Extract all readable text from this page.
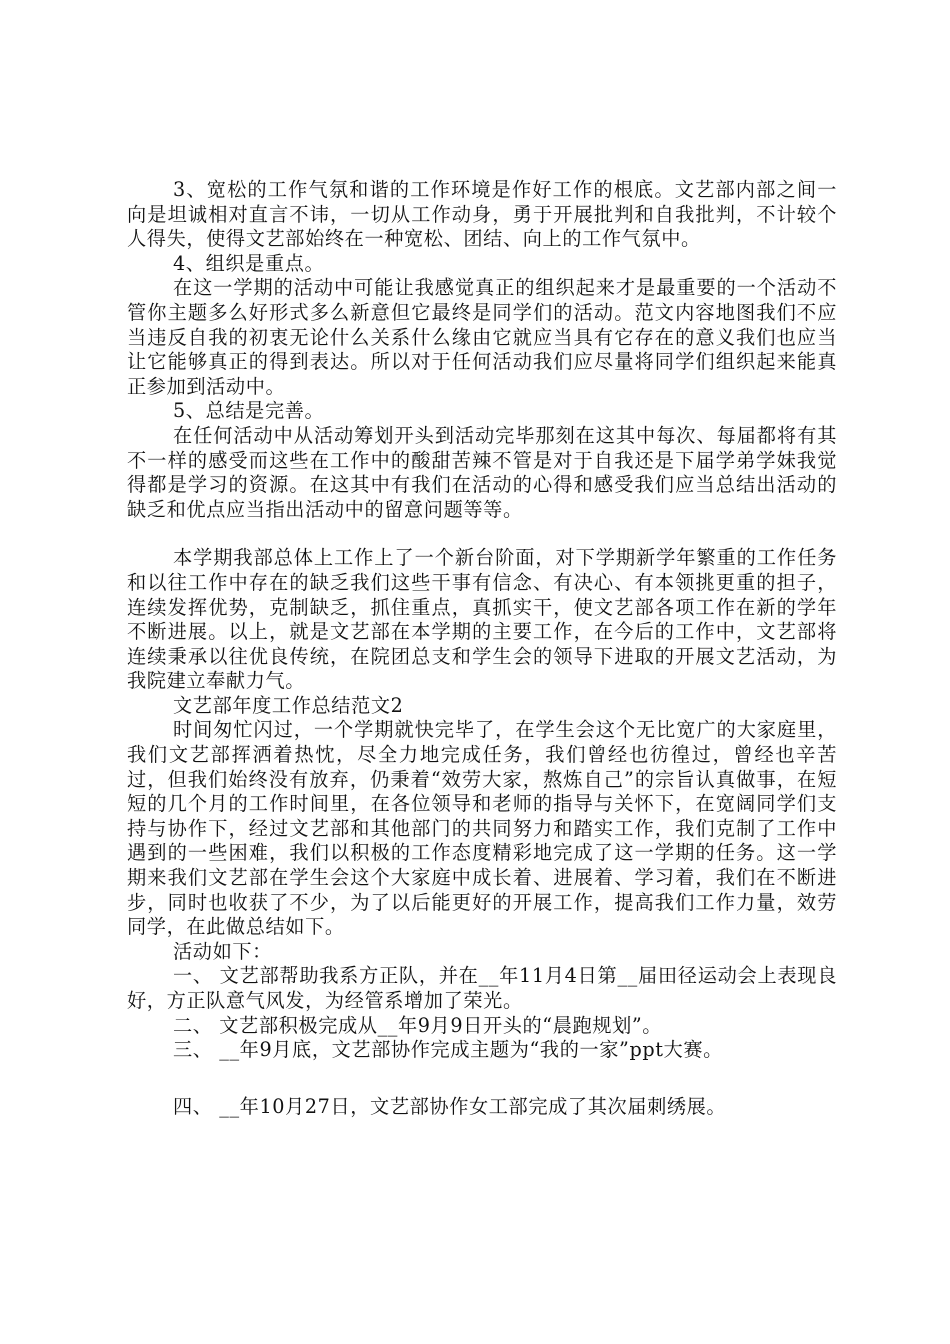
3、宽松的工作气氛和谐的工作环境是作好工作的根底。文艺部内部之间一向是坦诚相对直言不讳，一切从工作动身，勇于开展批判和自我批判，不计较个人得失，使得文艺部始终在一种宽松、团结、向上的工作气氛中。

4、组织是重点。

在这一学期的活动中可能让我感觉真正的组织起来才是最重要的一个活动不管你主题多么好形式多么新意但它最终是同学们的活动。范文内容地图我们不应当违反自我的初衷无论什么关系什么缘由它就应当具有它存在的意义我们也应当让它能够真正的得到表达。所以对于任何活动我们应尽量将同学们组织起来能真正参加到活动中。

5、总结是完善。

在任何活动中从活动筹划开头到活动完毕那刻在这其中每次、每届都将有其不一样的感受而这些在工作中的酸甜苦辣不管是对于自我还是下届学弟学妹我觉得都是学习的资源。在这其中有我们在活动的心得和感受我们应当总结出活动的缺乏和优点应当指出活动中的留意问题等等。

本学期我部总体上工作上了一个新台阶面，对下学期新学年繁重的工作任务和以往工作中存在的缺乏我们这些干事有信念、有决心、有本领挑更重的担子，连续发挥优势，克制缺乏，抓住重点，真抓实干，使文艺部各项工作在新的学年不断进展。以上，就是文艺部在本学期的主要工作，在今后的工作中，文艺部将连续秉承以往优良传统，在院团总支和学生会的领导下进取的开展文艺活动，为我院建立奉献力气。

文艺部年度工作总结范文2

时间匆忙闪过，一个学期就快完毕了，在学生会这个无比宽广的大家庭里，我们文艺部挥洒着热忱，尽全力地完成任务，我们曾经也彷徨过，曾经也辛苦过，但我们始终没有放弃，仍秉着“效劳大家，熬炼自己”的宗旨认真做事，在短短的几个月的工作时间里，在各位领导和老师的指导与关怀下，在宽阔同学们支持与协作下，经过文艺部和其他部门的共同努力和踏实工作，我们克制了工作中遇到的一些困难，我们以积极的工作态度精彩地完成了这一学期的任务。这一学期来我们文艺部在学生会这个大家庭中成长着、进展着、学习着，我们在不断进步，同时也收获了不少，为了以后能更好的开展工作，提高我们工作力量，效劳同学，在此做总结如下。

活动如下：

一、 文艺部帮助我系方正队，并在__年11月4日第__届田径运动会上表现良好，方正队意气风发，为经管系增加了荣光。

二、 文艺部积极完成从__年9月9日开头的“晨跑规划”。

三、 __年9月底，文艺部协作完成主题为“我的一家”ppt大赛。

四、 __年10月27日，文艺部协作女工部完成了其次届刺绣展。
